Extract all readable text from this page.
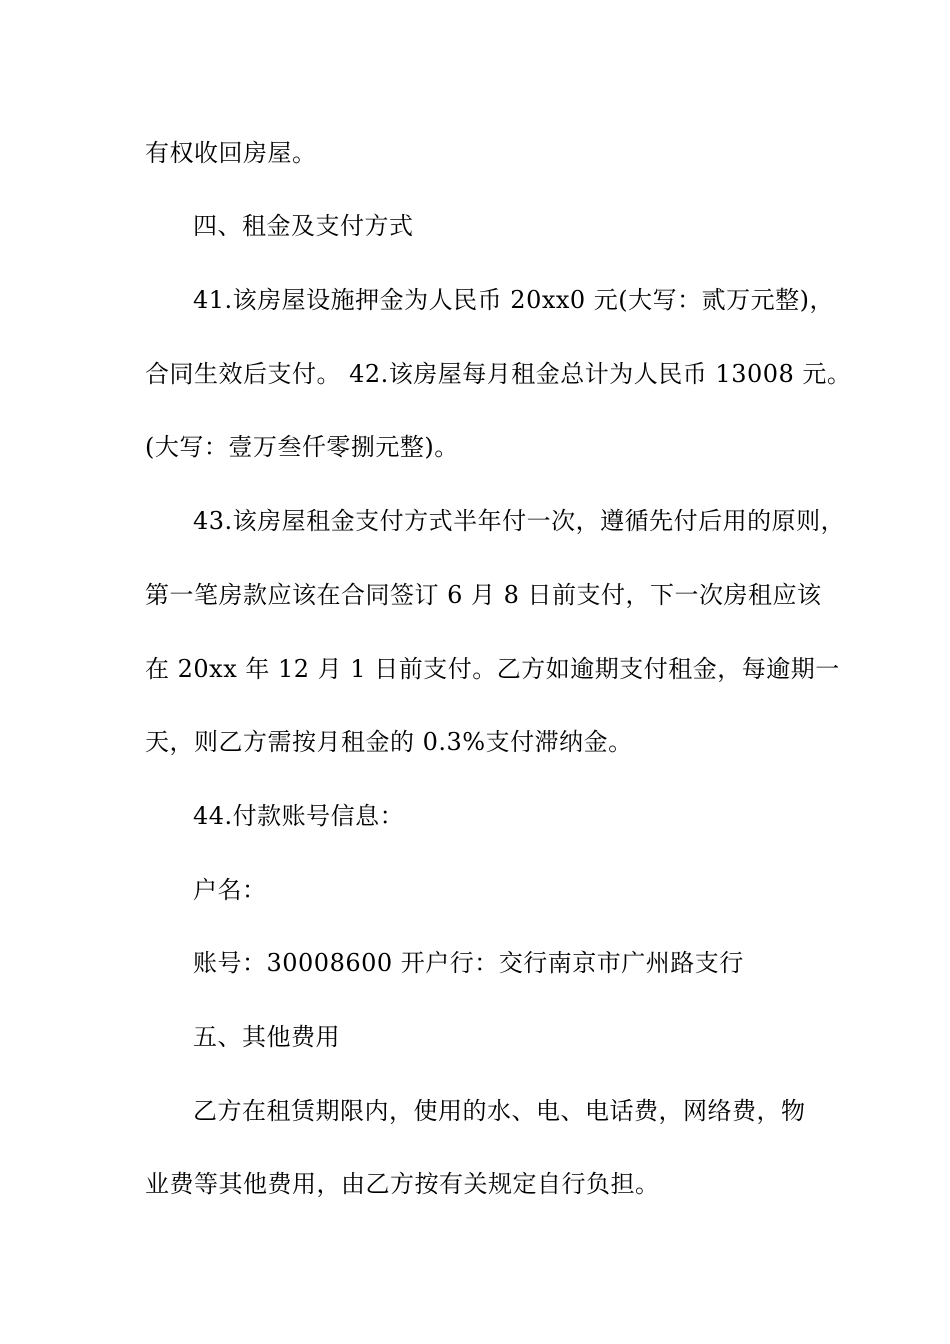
有权收回房屋。
四、租金及支付方式
41.该房屋设施押金为人民币 20xx0 元(大写：贰万元整)，
合同生效后支付。 42.该房屋每月租金总计为人民币 13008 元。
(大写：壹万叁仟零捌元整)。
43.该房屋租金支付方式半年付一次，遵循先付后用的原则，
第一笔房款应该在合同签订 6 月 8 日前支付，下一次房租应该
在 20xx 年 12 月 1 日前支付。乙方如逾期支付租金，每逾期一
天，则乙方需按月租金的 0.3%支付滞纳金。
44.付款账号信息：
户名：
账号：30008600 开户行：交行南京市广州路支行
五、其他费用
乙方在租赁期限内，使用的水、电、电话费，网络费，物
业费等其他费用，由乙方按有关规定自行负担。
